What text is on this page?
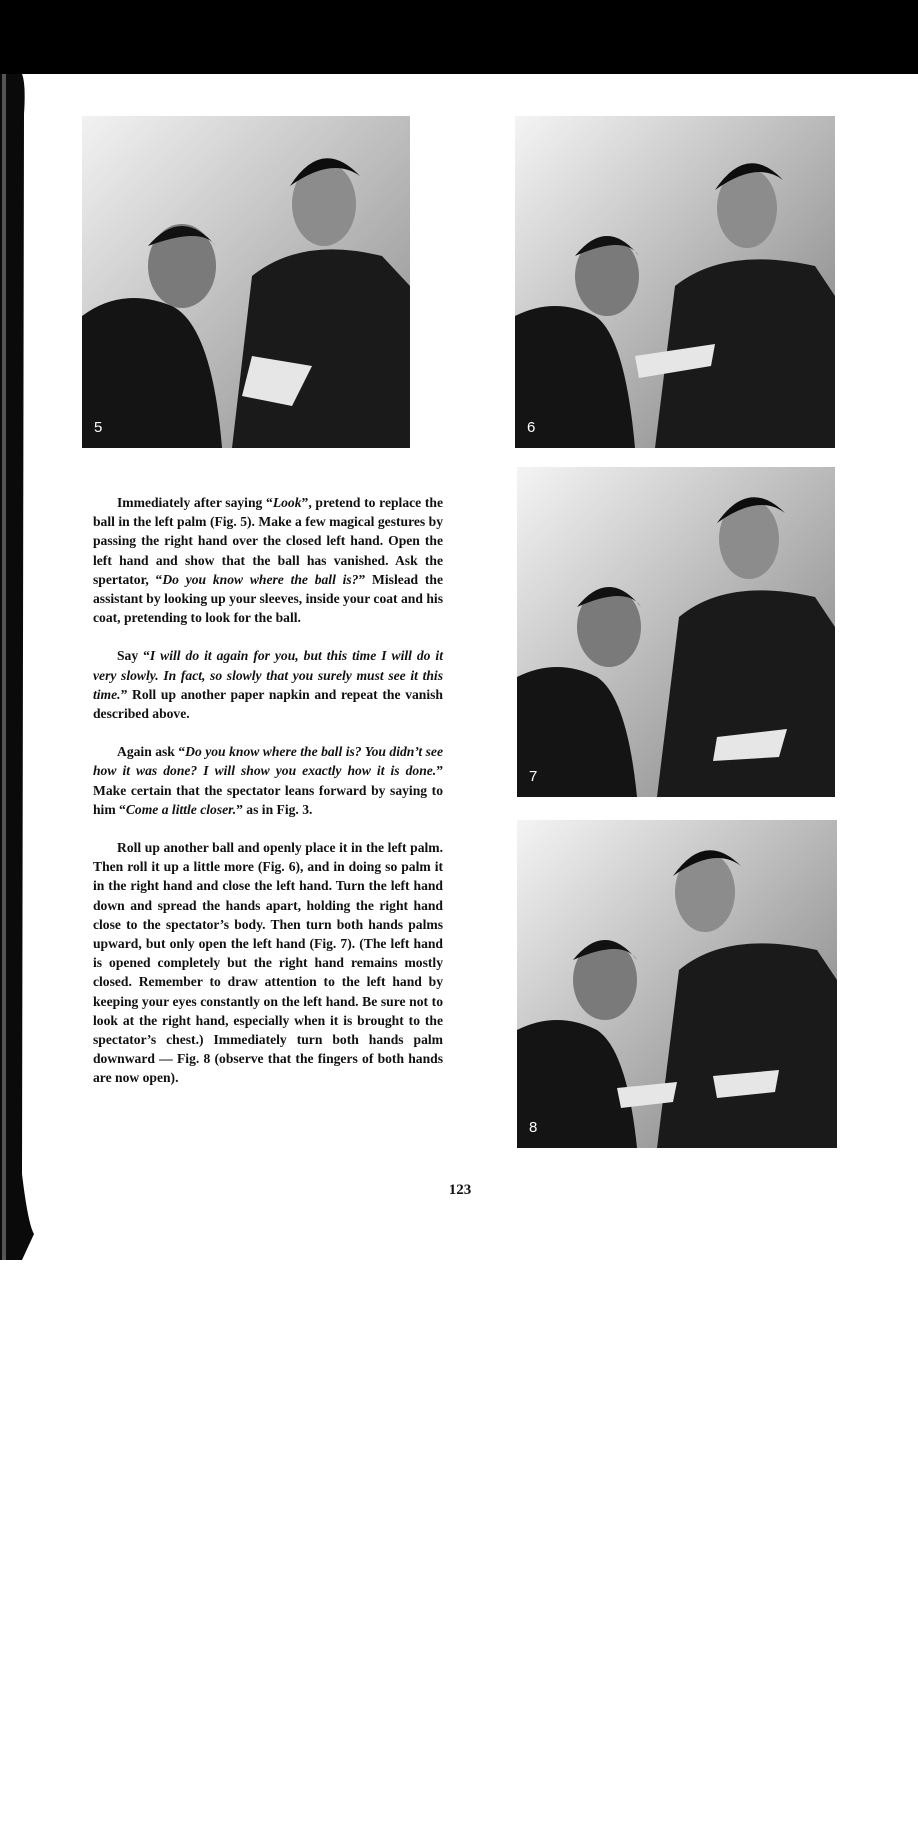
5	6
7
8

Immediately after saying “Look”, pretend to replace the ball in the left palm (Fig. 5). Make a few magical gestures by passing the right hand over the closed left hand. Open the left hand and show that the ball has vanished. Ask the spertator, “Do you know where the ball is?” Mislead the assistant by looking up your sleeves, inside your coat and his coat, pretending to look for the ball.

Say “I will do it again for you, but this time I will do it very slowly. In fact, so slowly that you surely must see it this time.” Roll up another paper napkin and repeat the vanish described above.

Again ask “Do you know where the ball is? You didn’t see how it was done? I will show you exactly how it is done.” Make certain that the spectator leans forward by saying to him “Come a little closer.” as in Fig. 3.

Roll up another ball and openly place it in the left palm. Then roll it up a little more (Fig. 6), and in doing so palm it in the right hand and close the left hand. Turn the left hand down and spread the hands apart, holding the right hand close to the spectator’s body. Then turn both hands palms upward, but only open the left hand (Fig. 7). (The left hand is opened completely but the right hand remains mostly closed. Remember to draw attention to the left hand by keeping your eyes constantly on the left hand. Be sure not to look at the right hand, especially when it is brought to the spectator’s chest.) Immediately turn both hands palm downward — Fig. 8 (observe that the fingers of both hands are now open).

123
